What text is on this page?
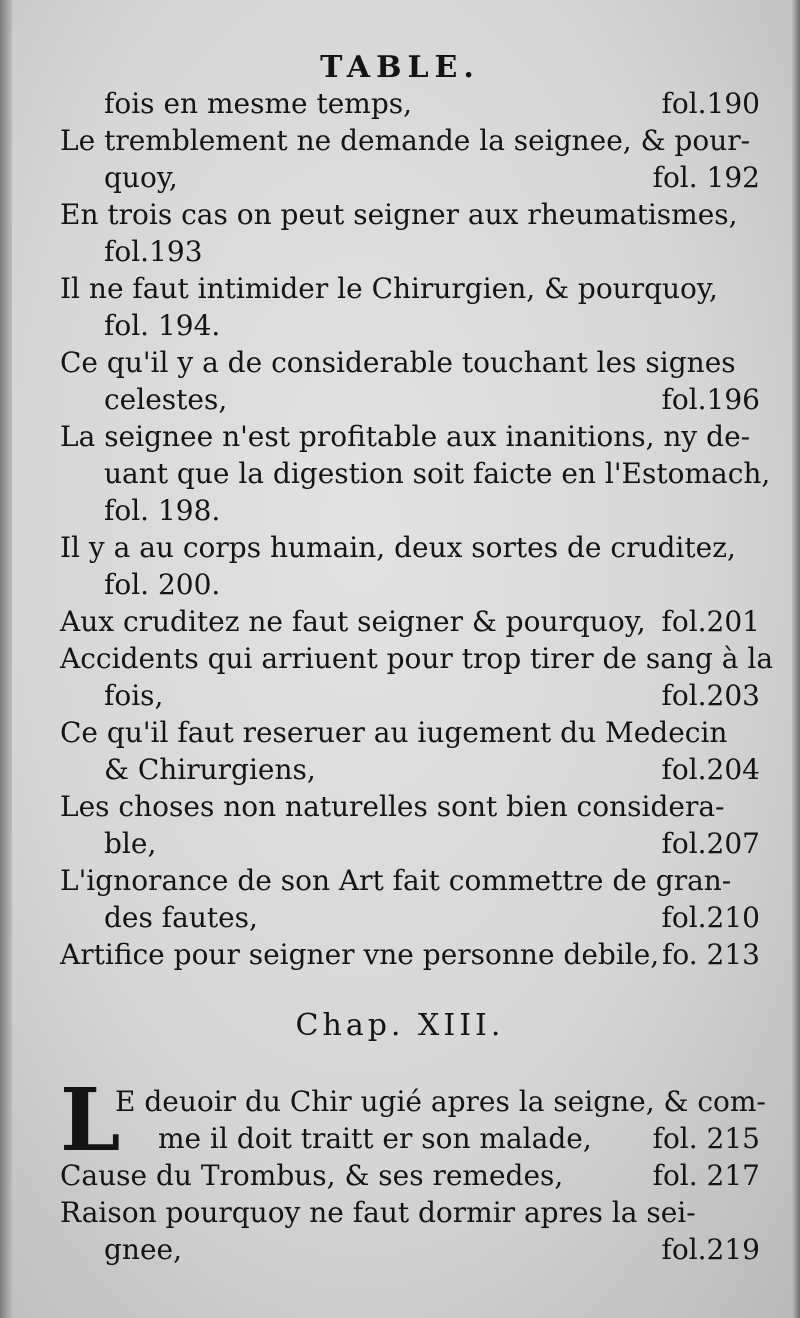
TABLE.
fois en mesme temps,	fol.190
Le tremblement ne demande la seignee, & pour-
quoy,	fol. 192
En trois cas on peut seigner aux rheumatismes,
fol.193
Il ne faut intimider le Chirurgien, & pourquoy,
fol. 194.
Ce qu'il y a de considerable touchant les signes
celestes,	fol.196
La seignee n'est profitable aux inanitions, ny de-
uant que la digestion soit faicte en l'Estomach,
fol. 198.
Il y a au corps humain, deux sortes de cruditez,
fol. 200.
Aux cruditez ne faut seigner & pourquoy, fol.201
Accidents qui arriuent pour trop tirer de sang à la
fois,	fol.203
Ce qu'il faut reseruer au iugement du Medecin
& Chirurgiens,	fol.204
Les choses non naturelles sont bien considera-
ble,	fol.207
L'ignorance de son Art fait commettre de gran-
des fautes,	fol.210
Artifice pour seigner vne personne debile, fo. 213
Chap. XIII.
L
E deuoir du Chir ugié apres la seigne, & com-
me il doit traitt er son malade, fol. 215
Cause du Trombus, & ses remedes,	fol. 217
Raison pourquoy ne faut dormir apres la sei-
gnee,	fol.219
